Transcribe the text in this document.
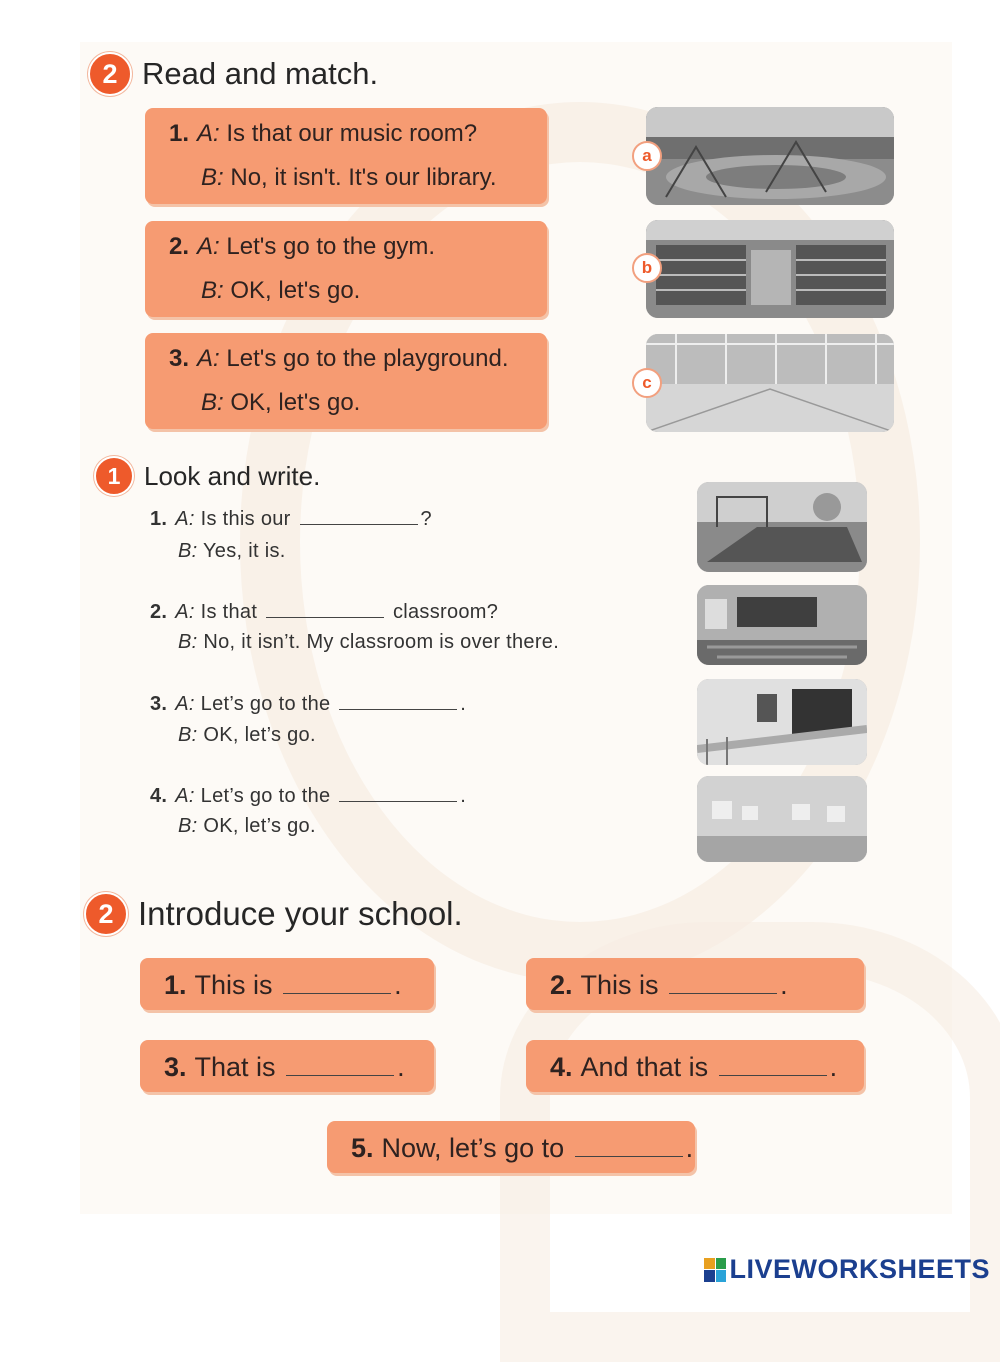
2 Read and match.
1. A: Is that our music room?
B: No, it isn't. It's our library.
2. A: Let's go to the gym.
B: OK, let's go.
3. A: Let's go to the playground.
B: OK, let's go.
a
b
c
1 Look and write.
1. A: Is this our	?
B: Yes, it is.
2. A: Is that	classroom?
B: No, it isn’t. My classroom is over there.
3. A: Let’s go to the	.
B: OK, let’s go.
4. A: Let’s go to the	.
B: OK, let’s go.
2 Introduce your school.
1. This is	.	2. This is	.
3. That is	.	4. And that is	.
5. Now, let’s go to	.
LIVEWORKSHEETS
